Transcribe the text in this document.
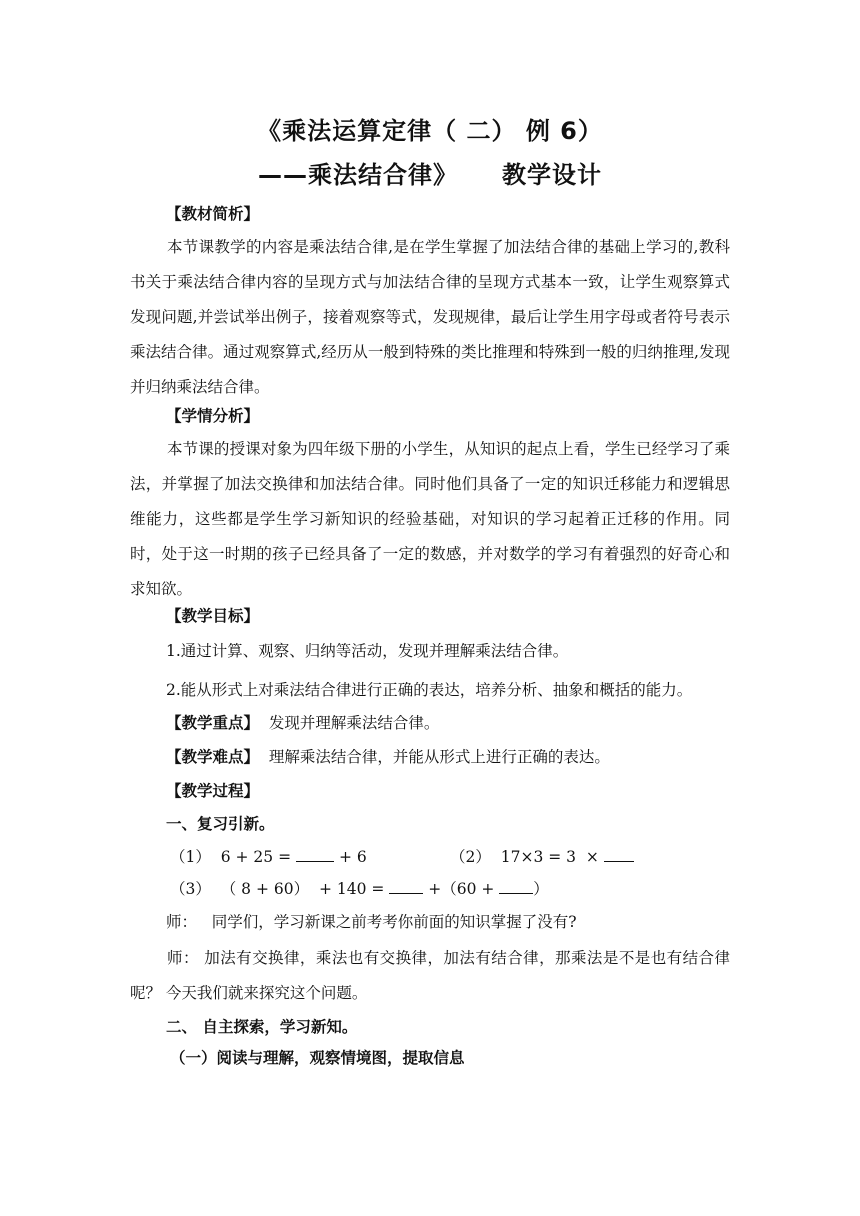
《乘法运算定律（ 二） 例 6）
——乘法结合律》 教学设计
【教材简析】

本节课教学的内容是乘法结合律,是在学生掌握了加法结合律的基础上学习的,教科书关于乘法结合律内容的呈现方式与加法结合律的呈现方式基本一致，让学生观察算式发现问题,并尝试举出例子，接着观察等式，发现规律，最后让学生用字母或者符号表示乘法结合律。通过观察算式,经历从一般到特殊的类比推理和特殊到一般的归纳推理,发现并归纳乘法结合律。

【学情分析】

本节课的授课对象为四年级下册的小学生，从知识的起点上看，学生已经学习了乘法，并掌握了加法交换律和加法结合律。同时他们具备了一定的知识迁移能力和逻辑思维能力，这些都是学生学习新知识的经验基础，对知识的学习起着正迁移的作用。同时，处于这一时期的孩子已经具备了一定的数感，并对数学的学习有着强烈的好奇心和求知欲。

【教学目标】
1.通过计算、观察、归纳等活动，发现并理解乘法结合律。
2.能从形式上对乘法结合律进行正确的表达，培养分析、抽象和概括的能力。
【教学重点】 发现并理解乘法结合律。
【教学难点】 理解乘法结合律，并能从形式上进行正确的表达。
【教学过程】
一、复习引新。
（1） 6 + 25 =	+ 6	（2） 17×3 = 3  ×
（3） （ 8 + 60）  + 140 =	+（60 +	）
师： 同学们，学习新课之前考考你前面的知识掌握了没有?

师： 加法有交换律，乘法也有交换律，加法有结合律，那乘法是不是也有结合律呢？ 今天我们就来探究这个问题。

二、 自主探索，学习新知。
（一）阅读与理解，观察情境图，提取信息
